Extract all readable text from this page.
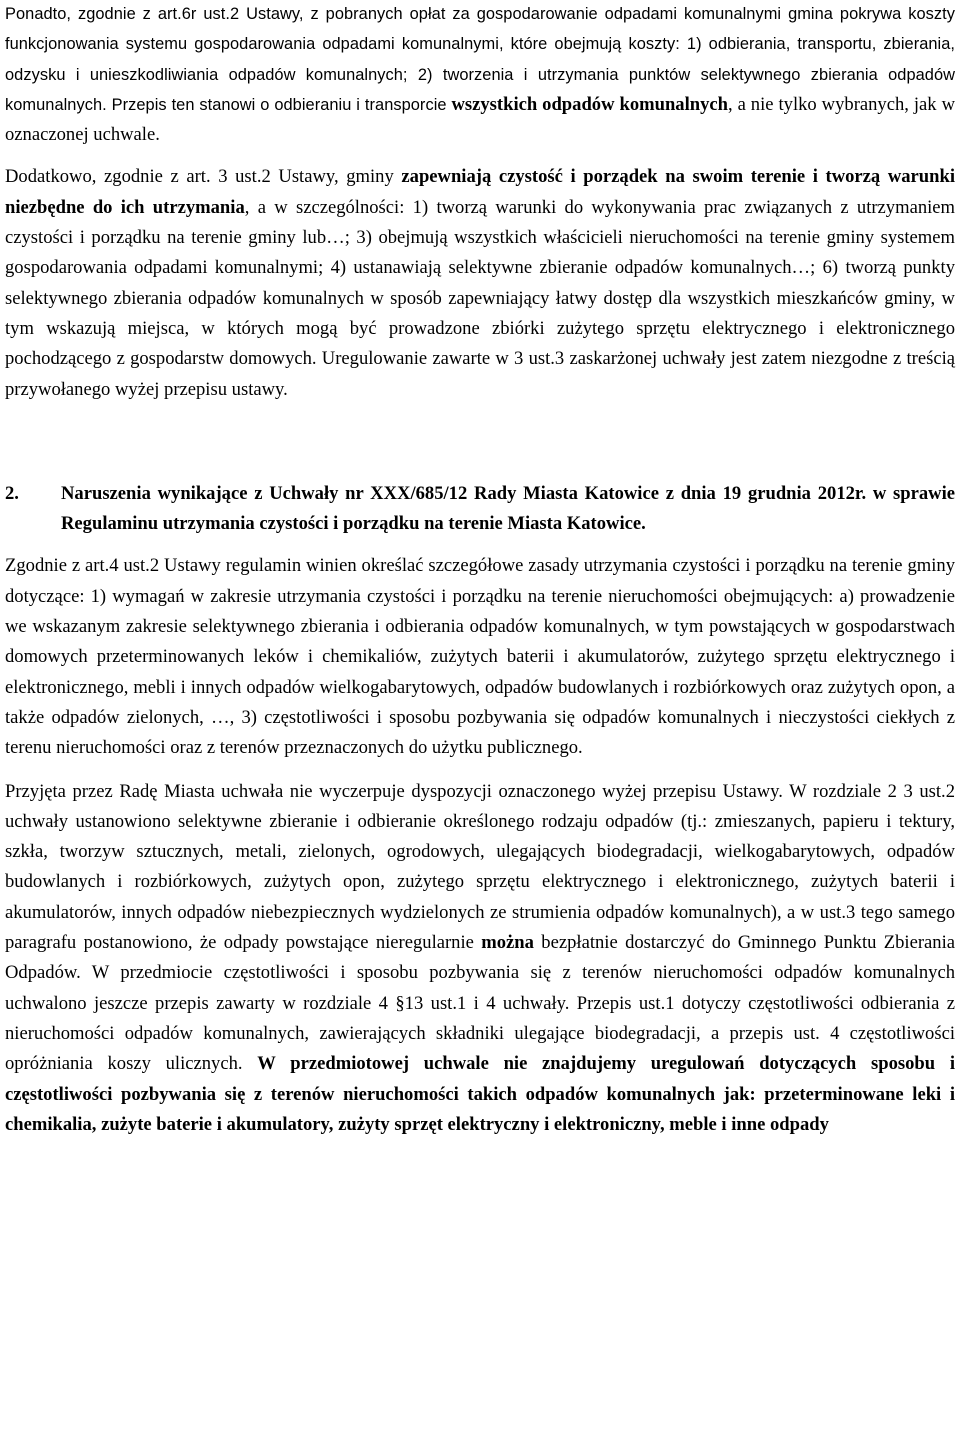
Ponadto, zgodnie z art.6r ust.2 Ustawy, z pobranych opłat za gospodarowanie odpadami komunalnymi gmina pokrywa koszty funkcjonowania systemu gospodarowania odpadami komunalnymi, które obejmują koszty: 1) odbierania, transportu, zbierania, odzysku i unieszkodliwiania odpadów komunalnych; 2) tworzenia i utrzymania punktów selektywnego zbierania odpadów komunalnych. Przepis ten stanowi o odbieraniu i transporcie wszystkich odpadów komunalnych, a nie tylko wybranych, jak w oznaczonej uchwale.

Dodatkowo, zgodnie z art. 3 ust.2 Ustawy, gminy zapewniają czystość i porządek na swoim terenie i tworzą warunki niezbędne do ich utrzymania, a w szczególności: 1) tworzą warunki do wykonywania prac związanych z utrzymaniem czystości i porządku na terenie gminy lub…; 3) obejmują wszystkich właścicieli nieruchomości na terenie gminy systemem gospodarowania odpadami komunalnymi; 4) ustanawiają selektywne zbieranie odpadów komunalnych…; 6) tworzą punkty selektywnego zbierania odpadów komunalnych w sposób zapewniający łatwy dostęp dla wszystkich mieszkańców gminy, w tym wskazują miejsca, w których mogą być prowadzone zbiórki zużytego sprzętu elektrycznego i elektronicznego pochodzącego z gospodarstw domowych. Uregulowanie zawarte w 3 ust.3 zaskarżonej uchwały jest zatem niezgodne z treścią przywołanego wyżej przepisu ustawy.

2.	Naruszenia wynikające z Uchwały nr XXX/685/12 Rady Miasta Katowice z dnia 19 grudnia 2012r. w sprawie Regulaminu utrzymania czystości i porządku na terenie Miasta Katowice.

Zgodnie z art.4 ust.2 Ustawy regulamin winien określać szczegółowe zasady utrzymania czystości i porządku na terenie gminy dotyczące: 1) wymagań w zakresie utrzymania czystości i porządku na terenie nieruchomości obejmujących: a) prowadzenie we wskazanym zakresie selektywnego zbierania i odbierania odpadów komunalnych, w tym powstających w gospodarstwach domowych przeterminowanych leków i chemikaliów, zużytych baterii i akumulatorów, zużytego sprzętu elektrycznego i elektronicznego, mebli i innych odpadów wielkogabarytowych, odpadów budowlanych i rozbiórkowych oraz zużytych opon, a także odpadów zielonych, …, 3) częstotliwości i sposobu pozbywania się odpadów komunalnych i nieczystości ciekłych z terenu nieruchomości oraz z terenów przeznaczonych do użytku publicznego.

Przyjęta przez Radę Miasta uchwała nie wyczerpuje dyspozycji oznaczonego wyżej przepisu Ustawy. W rozdziale 2 3 ust.2 uchwały ustanowiono selektywne zbieranie i odbieranie określonego rodzaju odpadów (tj.: zmieszanych, papieru i tektury, szkła, tworzyw sztucznych, metali, zielonych, ogrodowych, ulegających biodegradacji, wielkogabarytowych, odpadów budowlanych i rozbiórkowych, zużytych opon, zużytego sprzętu elektrycznego i elektronicznego, zużytych baterii i akumulatorów, innych odpadów niebezpiecznych wydzielonych ze strumienia odpadów komunalnych), a w ust.3 tego samego paragrafu postanowiono, że odpady powstające nieregularnie można bezpłatnie dostarczyć do Gminnego Punktu Zbierania Odpadów. W przedmiocie częstotliwości i sposobu pozbywania się z terenów nieruchomości odpadów komunalnych uchwalono jeszcze przepis zawarty w rozdziale 4 §13 ust.1 i 4 uchwały. Przepis ust.1 dotyczy częstotliwości odbierania z nieruchomości odpadów komunalnych, zawierających składniki ulegające biodegradacji, a przepis ust. 4 częstotliwości opróżniania koszy ulicznych. W przedmiotowej uchwale nie znajdujemy uregulowań dotyczących sposobu i częstotliwości pozbywania się z terenów nieruchomości takich odpadów komunalnych jak: przeterminowane leki i chemikalia, zużyte baterie i akumulatory, zużyty sprzęt elektryczny i elektroniczny, meble i inne odpady
